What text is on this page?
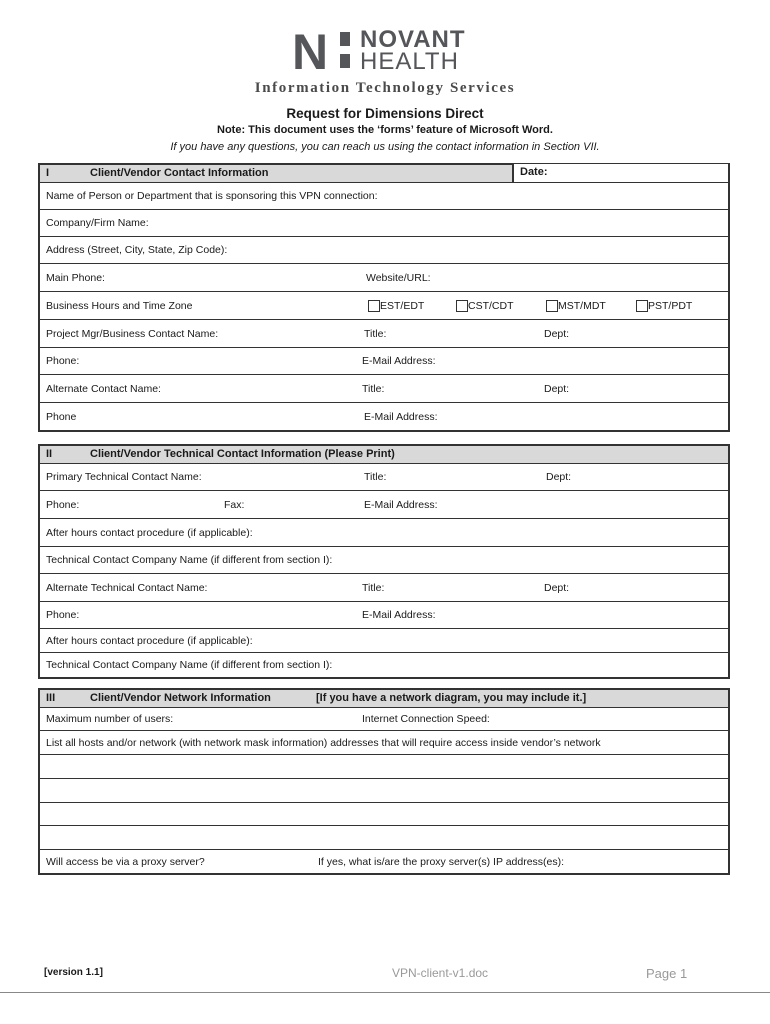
N NOVANT
HEALTH
Information Technology Services
Request for Dimensions Direct
Note: This document uses the ‘forms’ feature of Microsoft Word.
If you have any questions, you can reach us using the contact information in Section VII.
I	Client/Vendor Contact Information	Date:
Name of Person or Department that is sponsoring this VPN connection:
Company/Firm Name:
Address (Street, City, State, Zip Code):
Main Phone:	Website/URL:
Business Hours and Time Zone	EST/EDT	CST/CDT	MST/MDT	PST/PDT
Project Mgr/Business Contact Name:	Title:	Dept:
Phone:	E-Mail Address:
Alternate Contact Name:	Title:	Dept:
Phone	E-Mail Address:
II	Client/Vendor Technical Contact Information (Please Print)
Primary Technical Contact Name:	Title:	Dept:
Phone:	Fax:	E-Mail Address:
After hours contact procedure (if applicable):
Technical Contact Company Name (if different from section I):
Alternate Technical Contact Name:	Title:	Dept:
Phone:	E-Mail Address:
After hours contact procedure (if applicable):
Technical Contact Company Name (if different from section I):
III	Client/Vendor Network Information	[If you have a network diagram, you may include it.]
Maximum number of users:	Internet Connection Speed:
List all hosts and/or network (with network mask information) addresses that will require access inside vendor’s network
Will access be via a proxy server?	If yes, what is/are the proxy server(s) IP address(es):
[version 1.1]	VPN-client-v1.doc	Page 1
